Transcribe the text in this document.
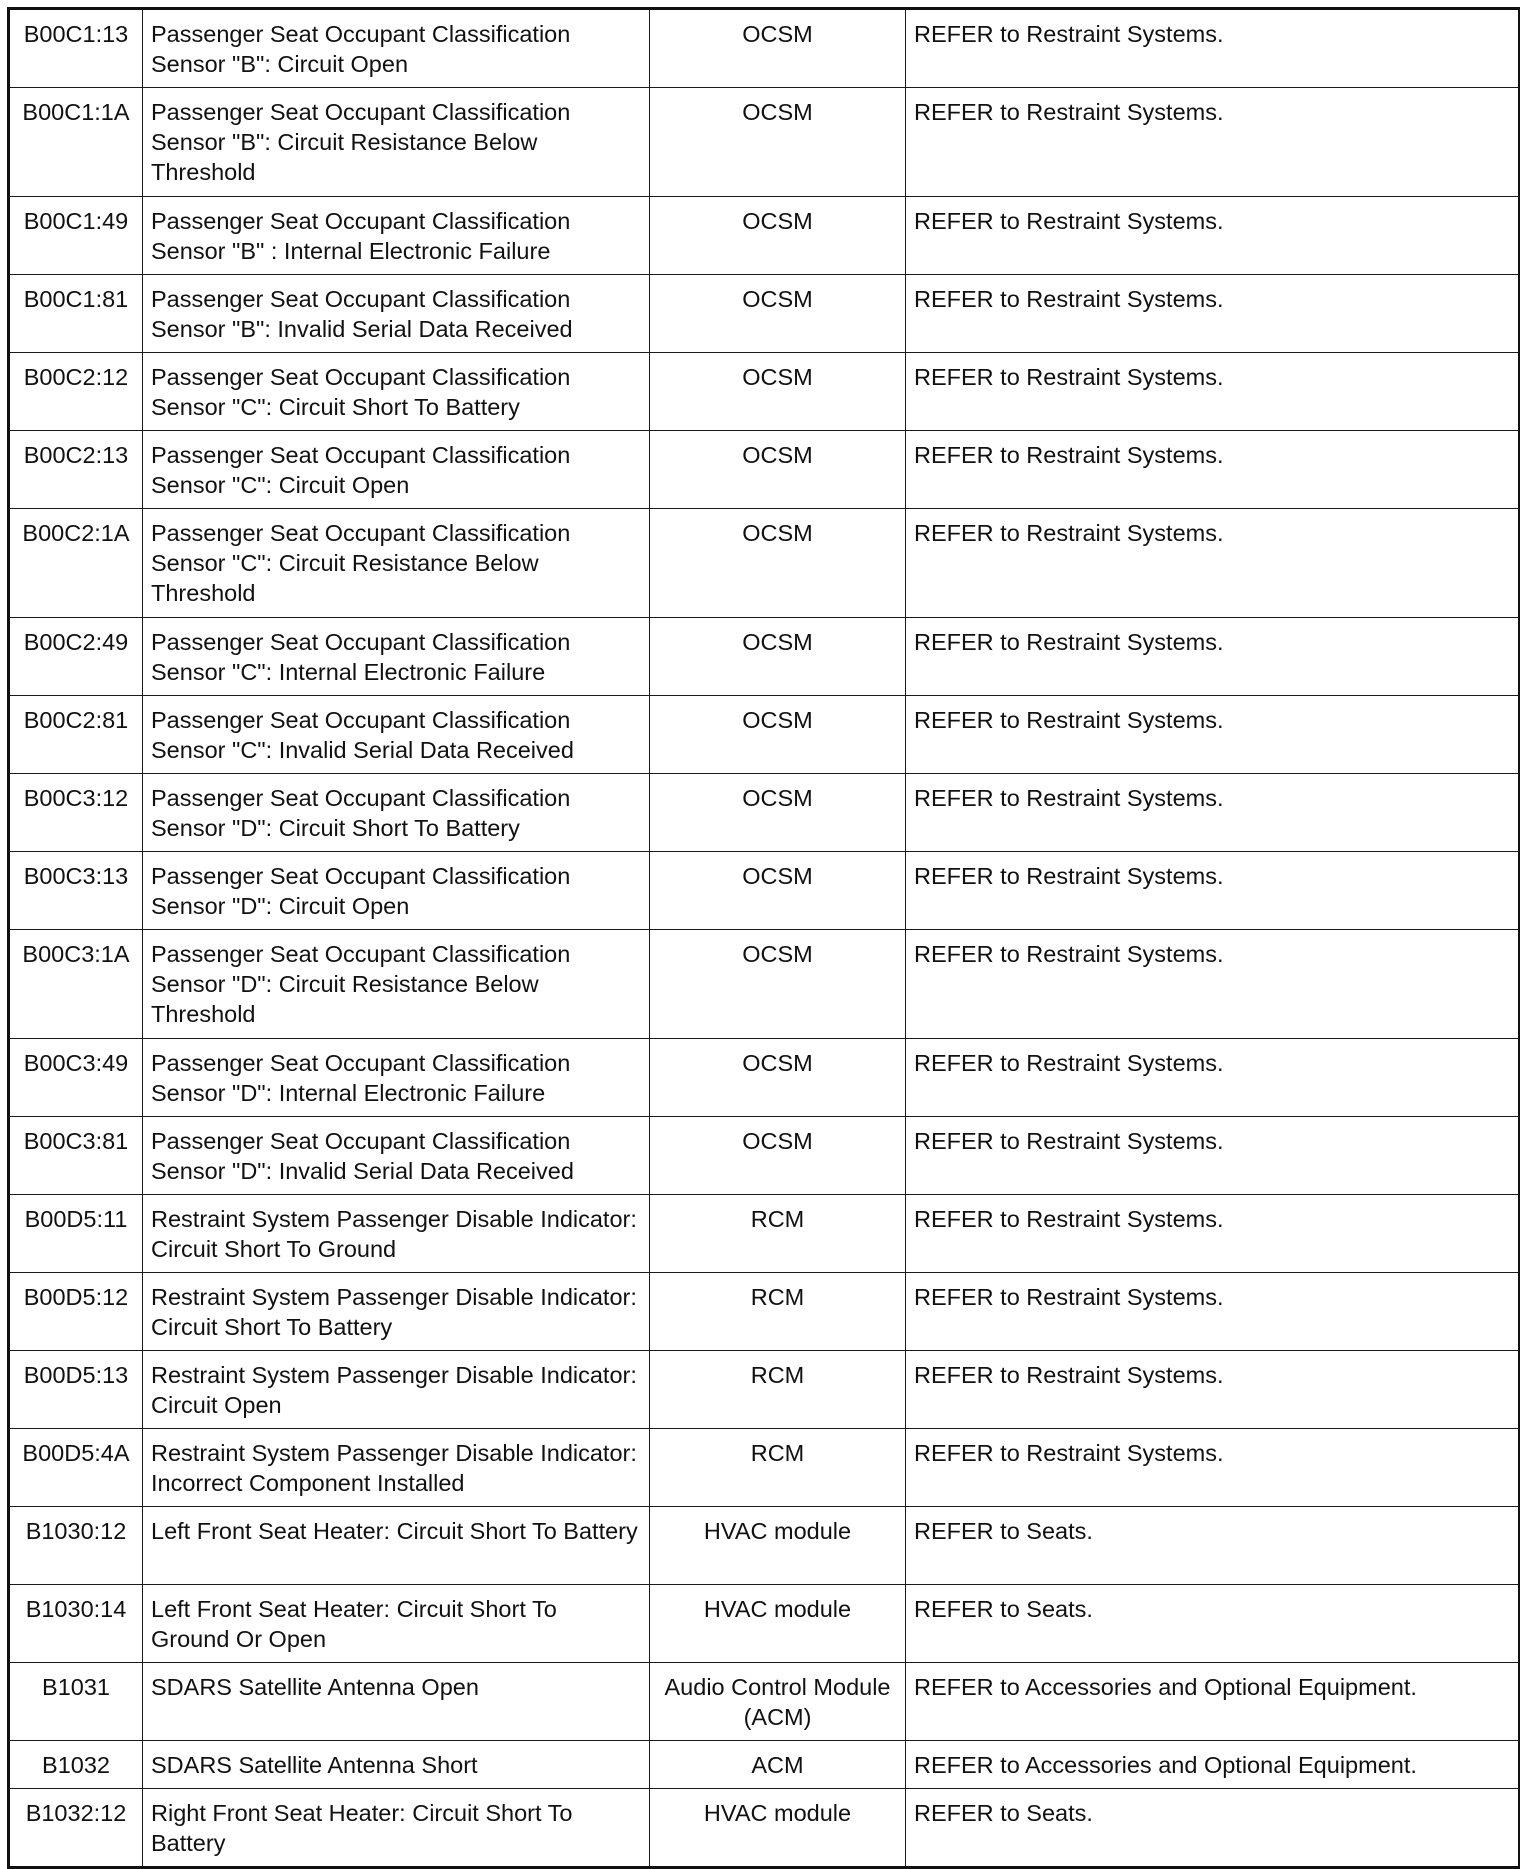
B00C1:13	Passenger Seat Occupant Classification Sensor "B": Circuit Open	OCSM	REFER to Restraint Systems.
B00C1:1A	Passenger Seat Occupant Classification Sensor "B": Circuit Resistance Below Threshold	OCSM	REFER to Restraint Systems.
B00C1:49	Passenger Seat Occupant Classification Sensor "B" : Internal Electronic Failure	OCSM	REFER to Restraint Systems.
B00C1:81	Passenger Seat Occupant Classification Sensor "B": Invalid Serial Data Received	OCSM	REFER to Restraint Systems.
B00C2:12	Passenger Seat Occupant Classification Sensor "C": Circuit Short To Battery	OCSM	REFER to Restraint Systems.
B00C2:13	Passenger Seat Occupant Classification Sensor "C": Circuit Open	OCSM	REFER to Restraint Systems.
B00C2:1A	Passenger Seat Occupant Classification Sensor "C": Circuit Resistance Below Threshold	OCSM	REFER to Restraint Systems.
B00C2:49	Passenger Seat Occupant Classification Sensor "C": Internal Electronic Failure	OCSM	REFER to Restraint Systems.
B00C2:81	Passenger Seat Occupant Classification Sensor "C": Invalid Serial Data Received	OCSM	REFER to Restraint Systems.
B00C3:12	Passenger Seat Occupant Classification Sensor "D": Circuit Short To Battery	OCSM	REFER to Restraint Systems.
B00C3:13	Passenger Seat Occupant Classification Sensor "D": Circuit Open	OCSM	REFER to Restraint Systems.
B00C3:1A	Passenger Seat Occupant Classification Sensor "D": Circuit Resistance Below Threshold	OCSM	REFER to Restraint Systems.
B00C3:49	Passenger Seat Occupant Classification Sensor "D": Internal Electronic Failure	OCSM	REFER to Restraint Systems.
B00C3:81	Passenger Seat Occupant Classification Sensor "D": Invalid Serial Data Received	OCSM	REFER to Restraint Systems.
B00D5:11	Restraint System Passenger Disable Indicator: Circuit Short To Ground	RCM	REFER to Restraint Systems.
B00D5:12	Restraint System Passenger Disable Indicator: Circuit Short To Battery	RCM	REFER to Restraint Systems.
B00D5:13	Restraint System Passenger Disable Indicator: Circuit Open	RCM	REFER to Restraint Systems.
B00D5:4A	Restraint System Passenger Disable Indicator: Incorrect Component Installed	RCM	REFER to Restraint Systems.
B1030:12	Left Front Seat Heater: Circuit Short To Battery	HVAC module	REFER to Seats.
B1030:14	Left Front Seat Heater: Circuit Short To Ground Or Open	HVAC module	REFER to Seats.
B1031	SDARS Satellite Antenna Open	Audio Control Module (ACM)	REFER to Accessories and Optional Equipment.
B1032	SDARS Satellite Antenna Short	ACM	REFER to Accessories and Optional Equipment.
B1032:12	Right Front Seat Heater: Circuit Short To Battery	HVAC module	REFER to Seats.
